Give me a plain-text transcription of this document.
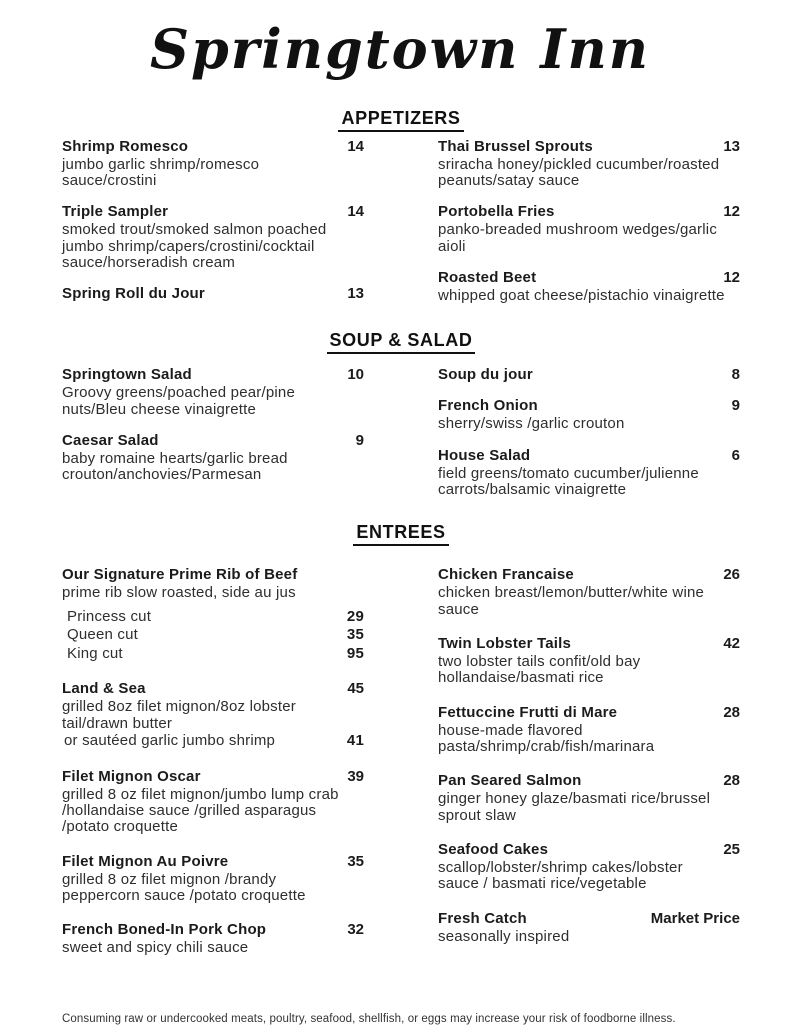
Springtown Inn
APPETIZERS
Shrimp Romesco	14
jumbo garlic shrimp/romesco sauce/crostini
Triple Sampler	14
smoked trout/smoked salmon poached jumbo shrimp/capers/crostini/cocktail sauce/horseradish cream
Spring Roll du Jour	13
Thai Brussel Sprouts	13
sriracha honey/pickled cucumber/roasted peanuts/satay sauce
Portobella Fries	12
panko-breaded mushroom wedges/garlic aioli
Roasted Beet	12
whipped goat cheese/pistachio vinaigrette
SOUP & SALAD
Springtown Salad	10
Groovy greens/poached pear/pine nuts/Bleu cheese vinaigrette
Caesar Salad	9
baby romaine hearts/garlic bread crouton/anchovies/Parmesan
Soup du jour	8
French Onion	9
sherry/swiss /garlic crouton
House Salad	6
field greens/tomato cucumber/julienne carrots/balsamic vinaigrette
ENTREES
Our Signature Prime Rib of Beef
prime rib slow roasted, side au jus
Princess cut	29
Queen cut	35
King cut	95
Land & Sea	45
grilled 8oz filet mignon/8oz lobster tail/drawn butter
or sautéed garlic jumbo shrimp	41
Filet Mignon Oscar	39
grilled 8 oz filet mignon/jumbo lump crab /hollandaise sauce /grilled asparagus /potato croquette
Filet Mignon Au Poivre	35
grilled 8 oz filet mignon /brandy peppercorn sauce /potato croquette
French Boned-In Pork Chop	32
sweet and spicy chili sauce
Chicken Francaise	26
chicken breast/lemon/butter/white wine sauce
Twin Lobster Tails	42
two lobster tails confit/old bay hollandaise/basmati rice
Fettuccine Frutti di Mare	28
house-made flavored pasta/shrimp/crab/fish/marinara
Pan Seared Salmon	28
ginger honey glaze/basmati rice/brussel sprout slaw
Seafood Cakes	25
scallop/lobster/shrimp cakes/lobster sauce / basmati rice/vegetable
Fresh Catch	Market Price
seasonally inspired

Consuming raw or undercooked meats, poultry, seafood, shellfish, or eggs may increase your risk of foodborne illness.
